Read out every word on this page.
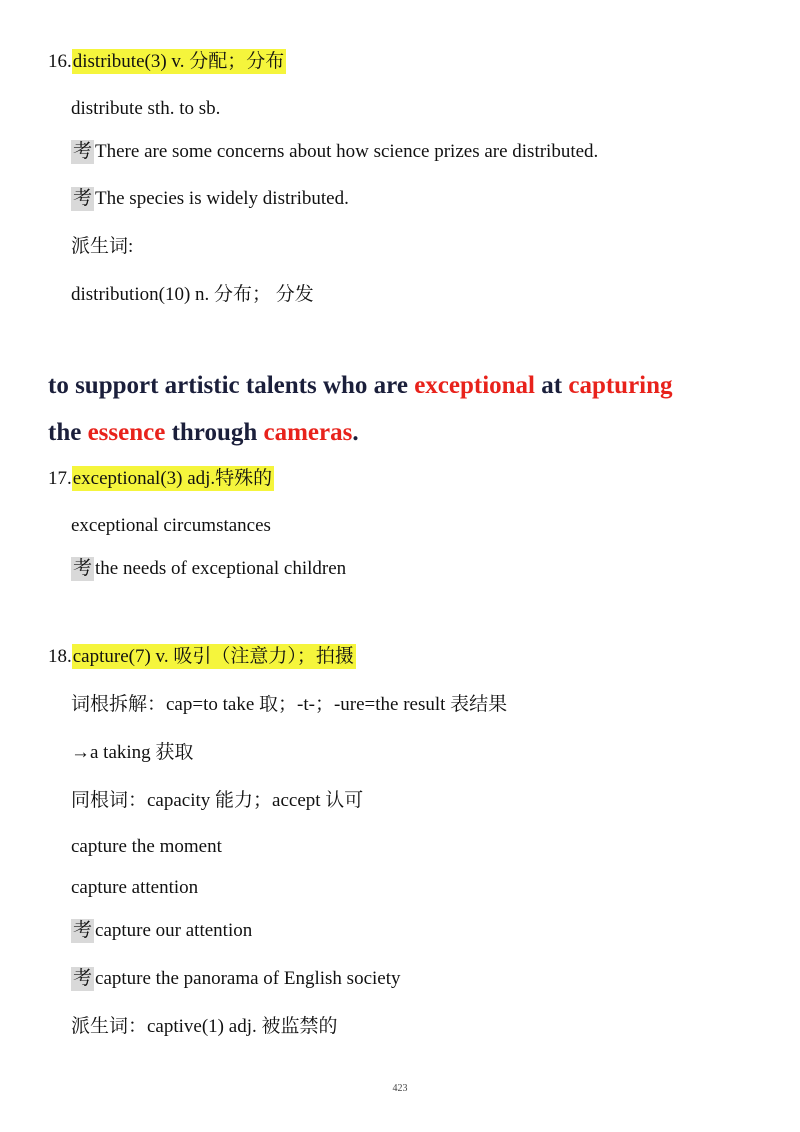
16.distribute(3) v. 分配；分布
distribute sth. to sb.
考 There are some concerns about how science prizes are distributed.
考 The species is widely distributed.
派生词:
distribution(10) n. 分布； 分发
to support artistic talents who are exceptional at capturing
the essence through cameras.
17.exceptional(3) adj.特殊的
exceptional circumstances
考 the needs of exceptional children
18.capture(7) v. 吸引（注意力）；拍摄
词根拆解：cap=to take 取；-t-；-ure=the result 表结果
→a taking 获取
同根词：capacity 能力；accept 认可
capture the moment
capture attention
考 capture our attention
考 capture the panorama of English society
派生词：captive(1) adj. 被监禁的
423
